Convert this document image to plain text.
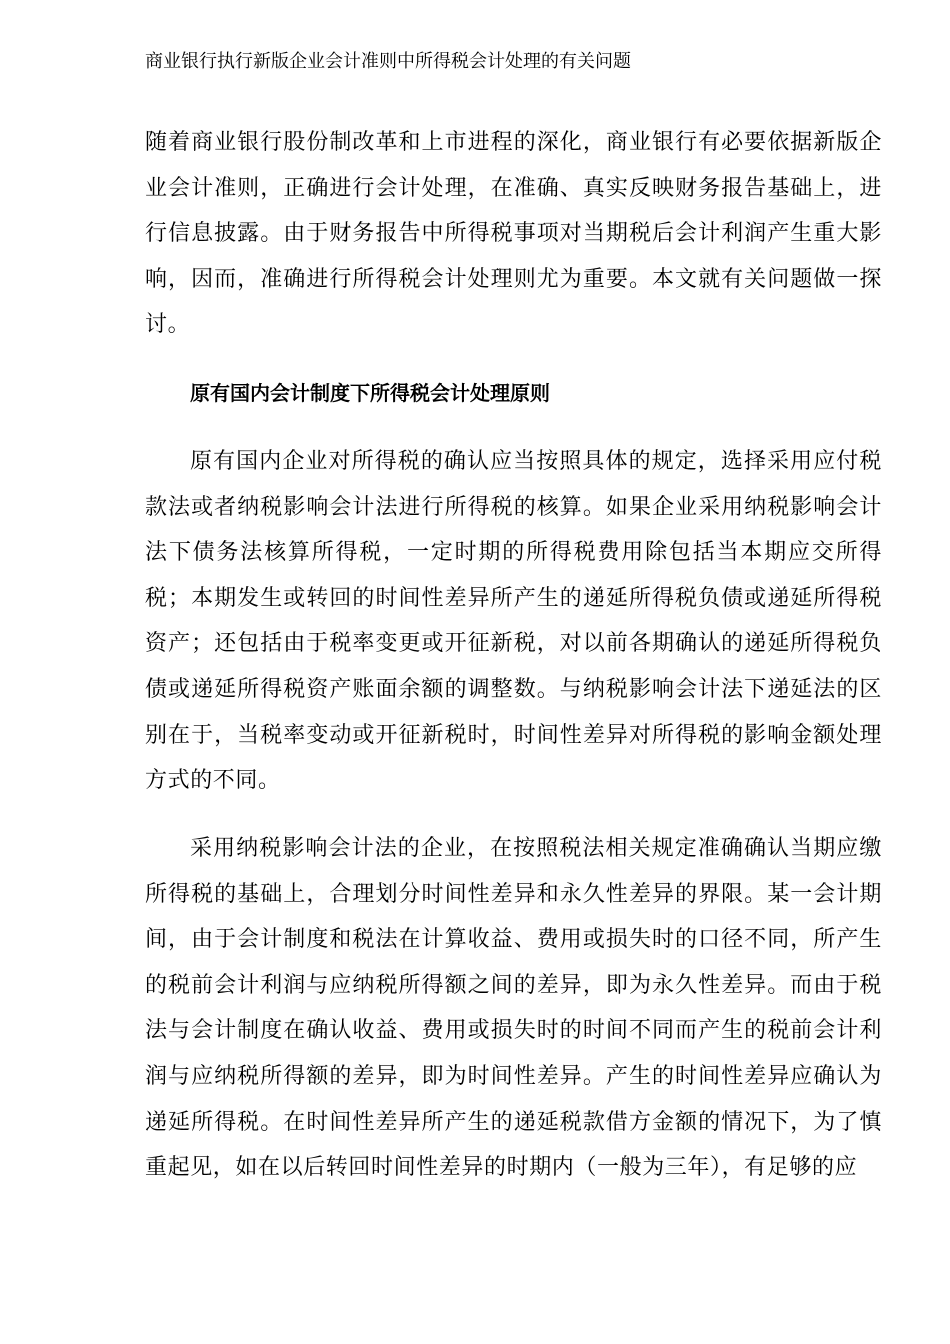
商业银行执行新版企业会计准则中所得税会计处理的有关问题

随着商业银行股份制改革和上市进程的深化，商业银行有必要依据新版企业会计准则，正确进行会计处理，在准确、真实反映财务报告基础上，进行信息披露。由于财务报告中所得税事项对当期税后会计利润产生重大影响，因而，准确进行所得税会计处理则尤为重要。本文就有关问题做一探讨。

原有国内会计制度下所得税会计处理原则

原有国内企业对所得税的确认应当按照具体的规定，选择采用应付税款法或者纳税影响会计法进行所得税的核算。如果企业采用纳税影响会计法下债务法核算所得税，一定时期的所得税费用除包括当本期应交所得税；本期发生或转回的时间性差异所产生的递延所得税负债或递延所得税资产；还包括由于税率变更或开征新税，对以前各期确认的递延所得税负债或递延所得税资产账面余额的调整数。与纳税影响会计法下递延法的区别在于，当税率变动或开征新税时，时间性差异对所得税的影响金额处理方式的不同。

采用纳税影响会计法的企业，在按照税法相关规定准确确认当期应缴所得税的基础上，合理划分时间性差异和永久性差异的界限。某一会计期间，由于会计制度和税法在计算收益、费用或损失时的口径不同，所产生的税前会计利润与应纳税所得额之间的差异，即为永久性差异。而由于税法与会计制度在确认收益、费用或损失时的时间不同而产生的税前会计利润与应纳税所得额的差异，即为时间性差异。产生的时间性差异应确认为递延所得税。在时间性差异所产生的递延税款借方金额的情况下，为了慎重起见，如在以后转回时间性差异的时期内（一般为三年），有足够的应
